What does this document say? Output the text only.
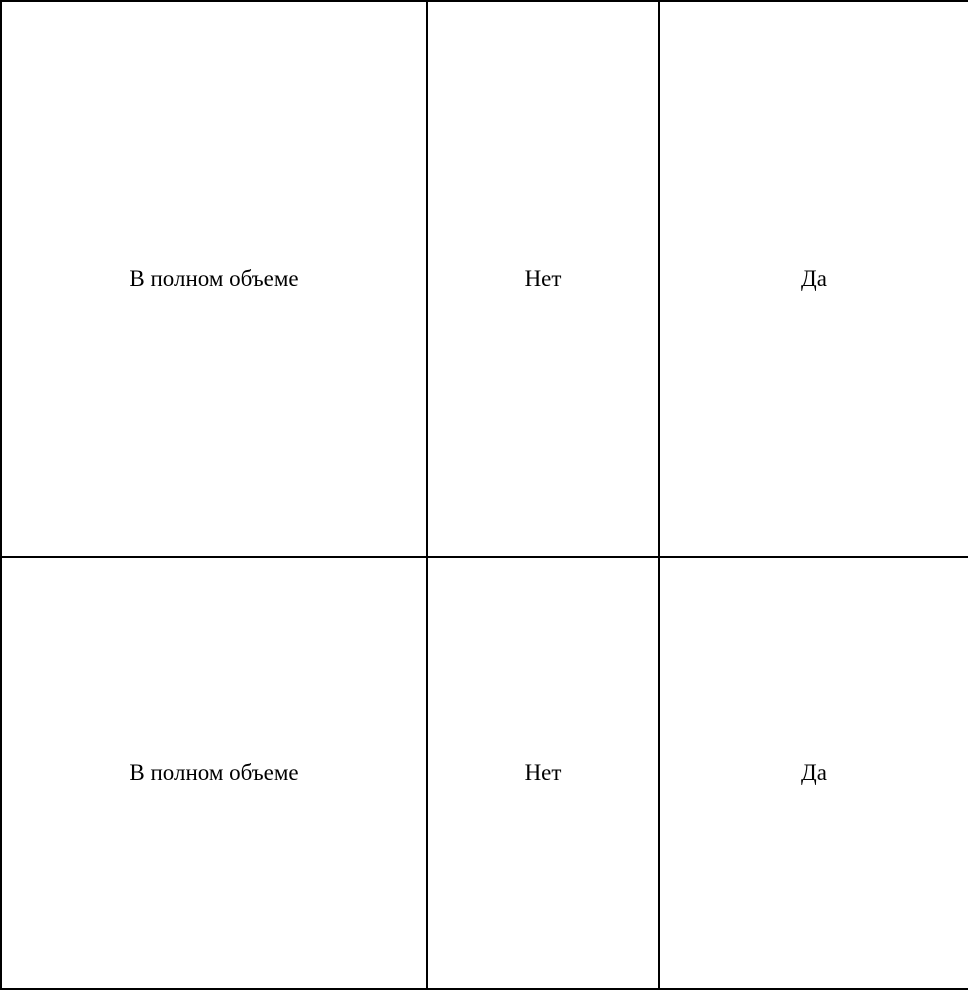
В полном объеме	Нет	Да
В полном объеме	Нет	Да
